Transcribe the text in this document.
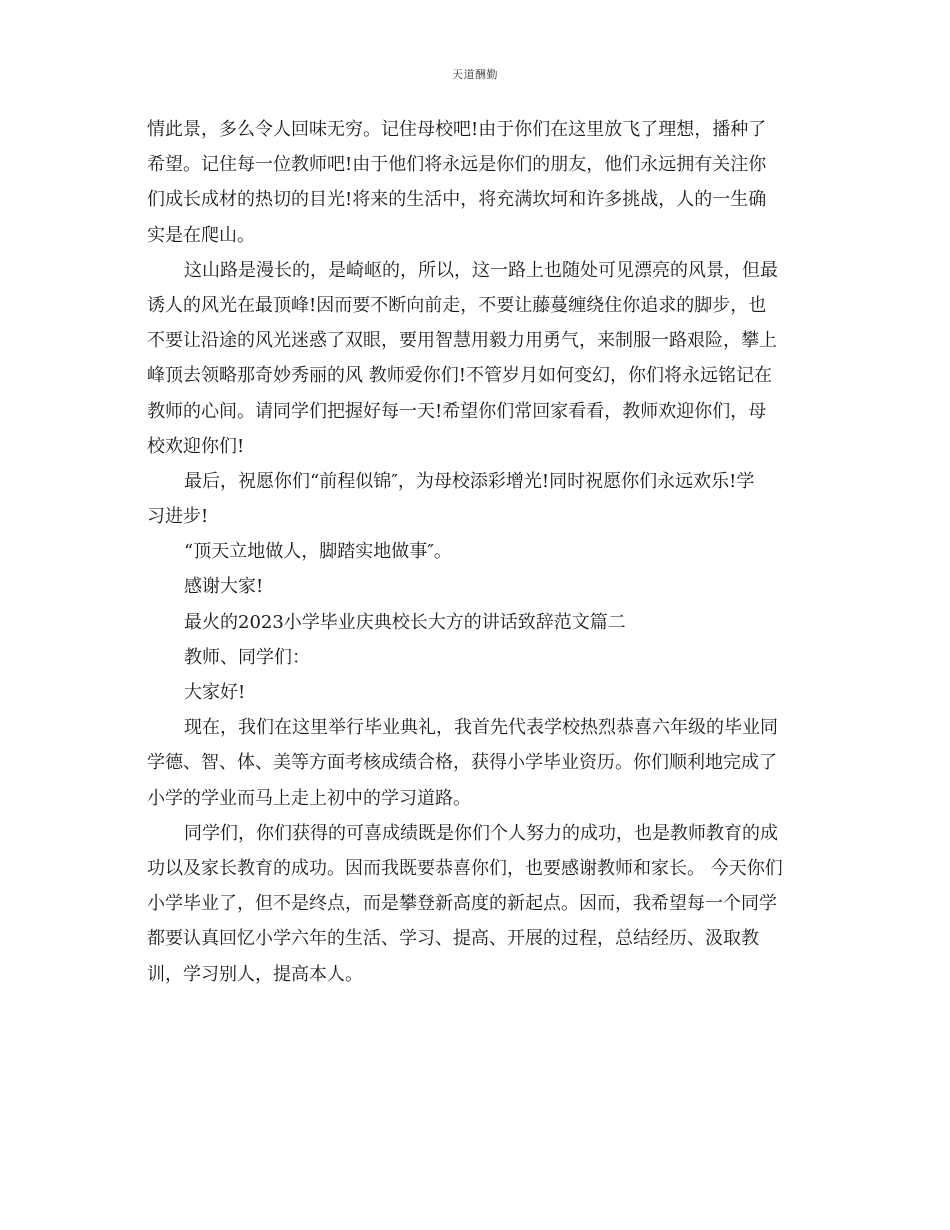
天道酬勤
情此景，多么令人回味无穷。记住母校吧!由于你们在这里放飞了理想，播种了
希望。记住每一位教师吧!由于他们将永远是你们的朋友，他们永远拥有关注你
们成长成材的热切的目光!将来的生活中，将充满坎坷和许多挑战，人的一生确
实是在爬山。
这山路是漫长的，是崎岖的，所以，这一路上也随处可见漂亮的风景，但最
诱人的风光在最顶峰!因而要不断向前走，不要让藤蔓缠绕住你追求的脚步，也
不要让沿途的风光迷惑了双眼，要用智慧用毅力用勇气，来制服一路艰险，攀上
峰顶去领略那奇妙秀丽的风 教师爱你们!不管岁月如何变幻，你们将永远铭记在
教师的心间。请同学们把握好每一天!希望你们常回家看看，教师欢迎你们，母
校欢迎你们!
最后，祝愿你们“前程似锦″，为母校添彩增光!同时祝愿你们永远欢乐!学
习进步!
“顶天立地做人，脚踏实地做事″。
感谢大家!
最火的2023小学毕业庆典校长大方的讲话致辞范文篇二
教师、同学们：
大家好!
现在，我们在这里举行毕业典礼，我首先代表学校热烈恭喜六年级的毕业同
学德、智、体、美等方面考核成绩合格，获得小学毕业资历。你们顺利地完成了
小学的学业而马上走上初中的学习道路。
同学们，你们获得的可喜成绩既是你们个人努力的成功，也是教师教育的成
功以及家长教育的成功。因而我既要恭喜你们，也要感谢教师和家长。 今天你们
小学毕业了，但不是终点，而是攀登新高度的新起点。因而，我希望每一个同学
都要认真回忆小学六年的生活、学习、提高、开展的过程，总结经历、汲取教
训，学习别人，提高本人。
